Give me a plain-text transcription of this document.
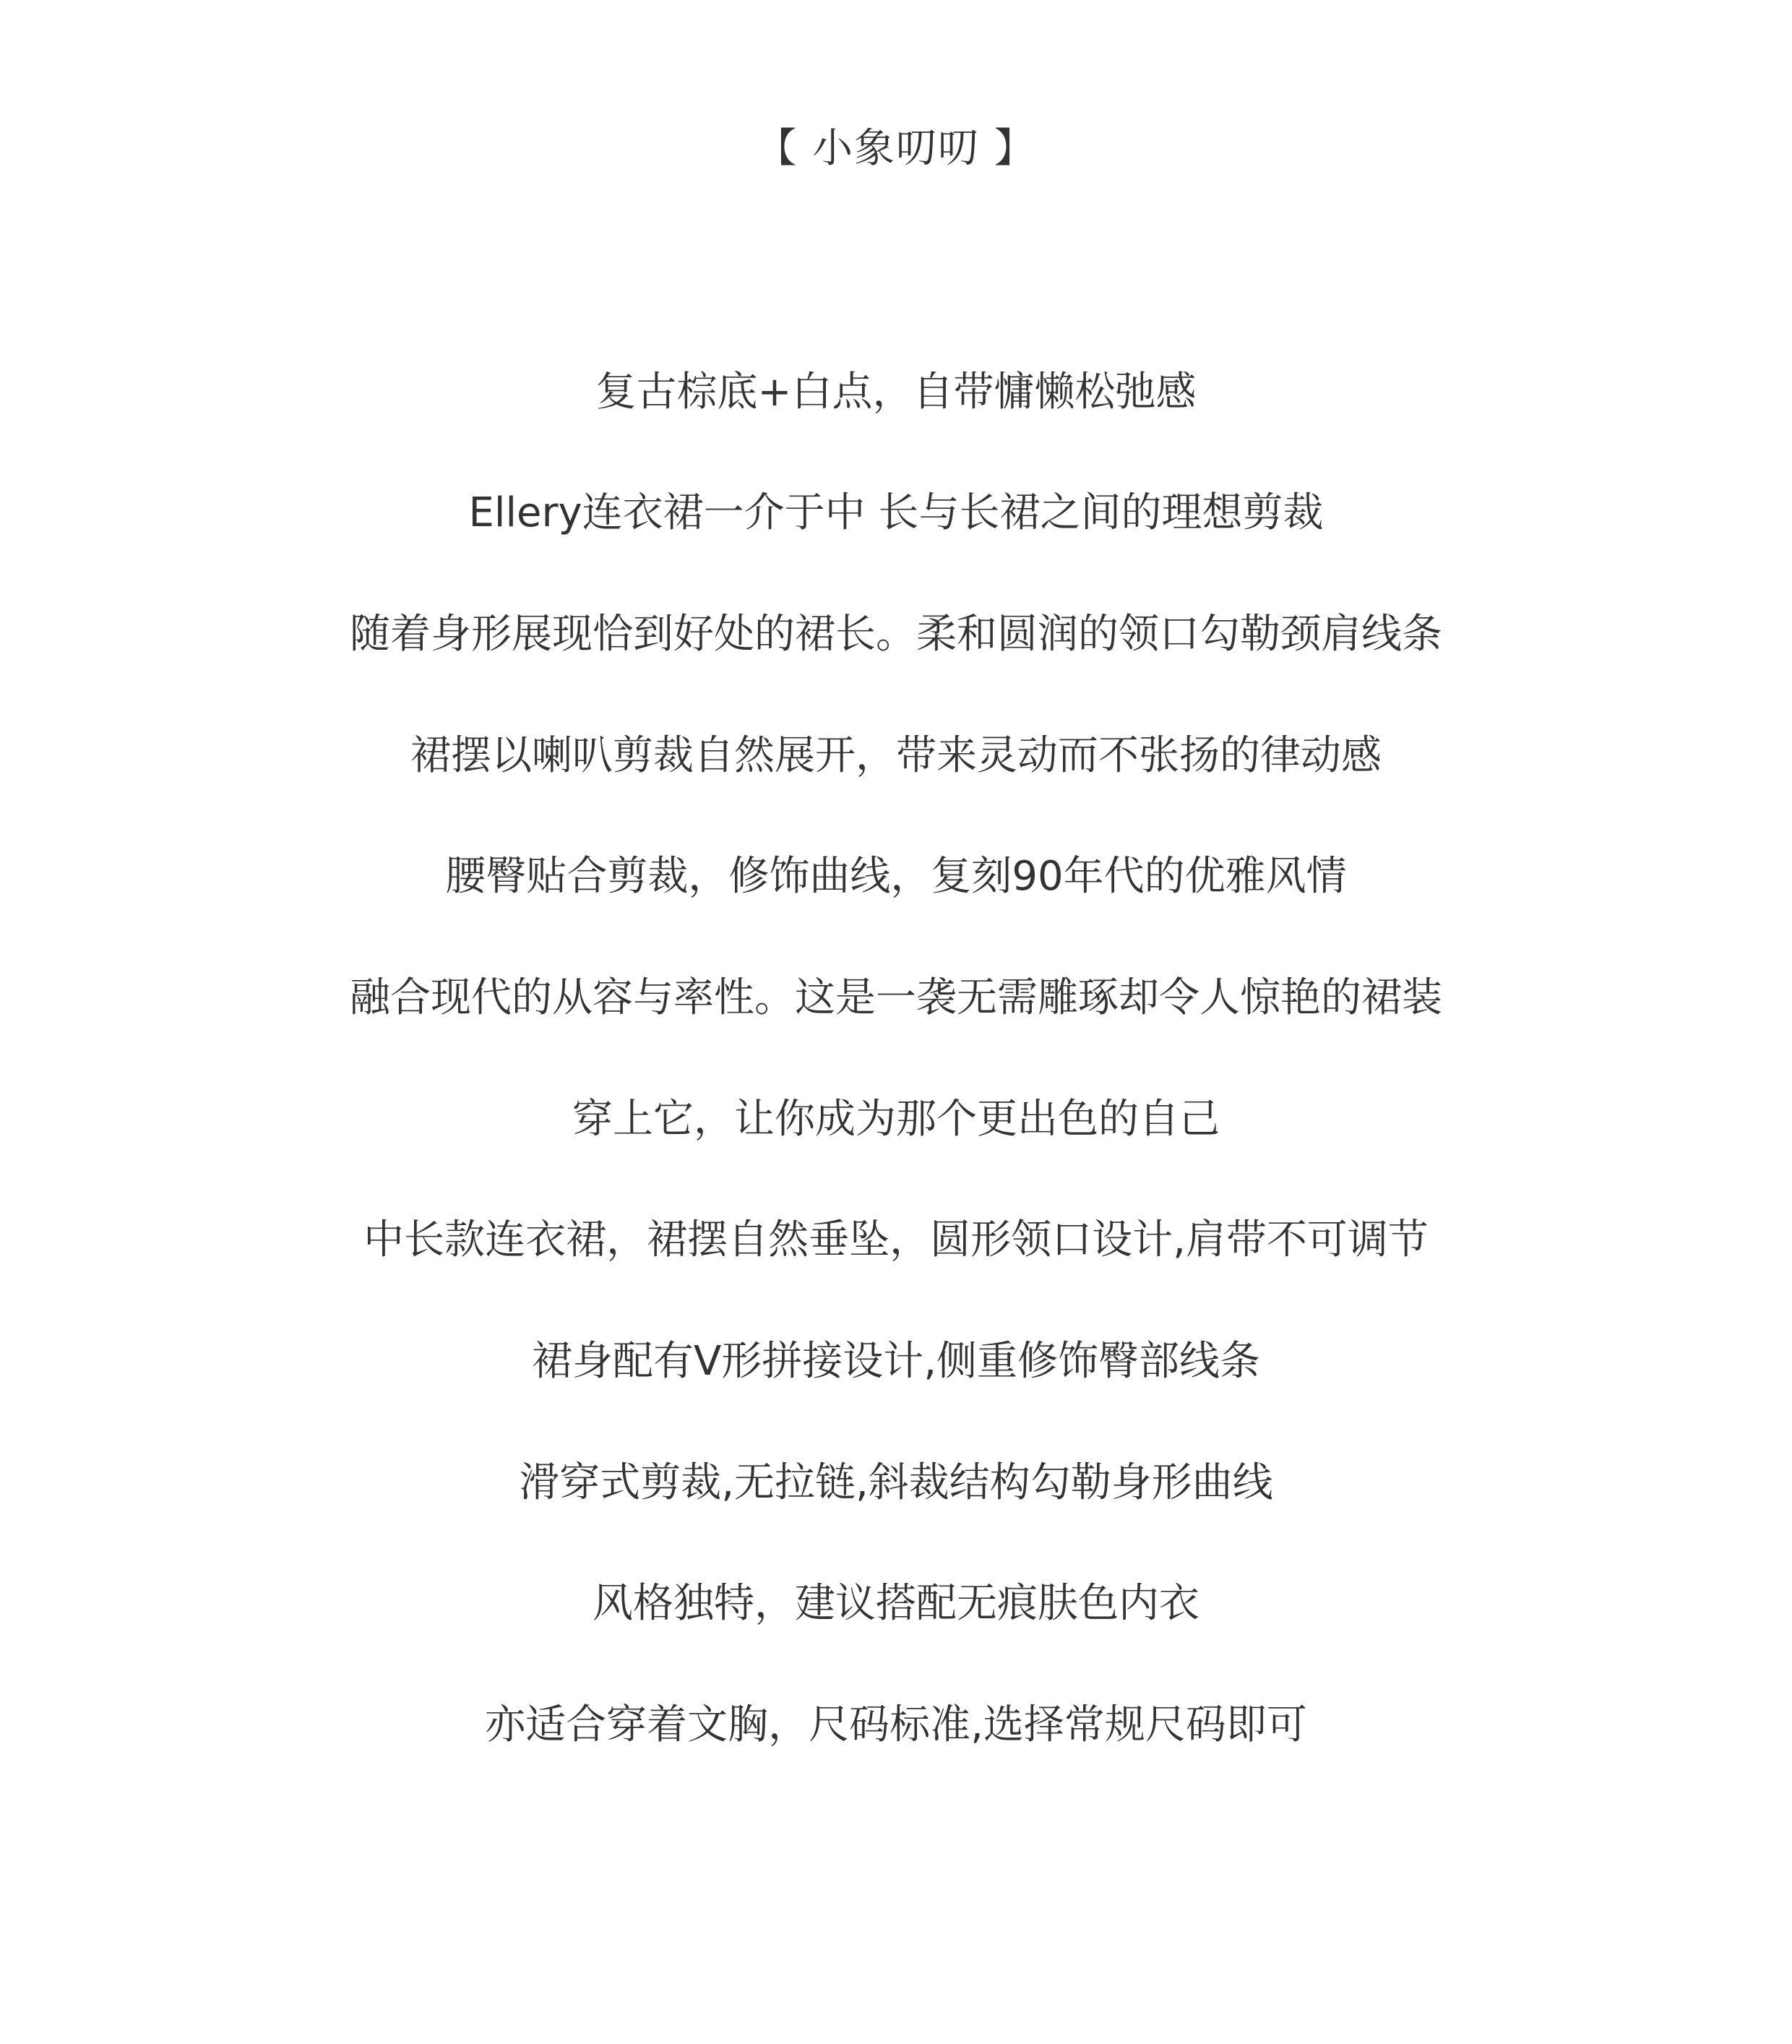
【 小象叨叨 】
复古棕底+白点，自带慵懒松弛感
Ellery连衣裙一介于中 长与长裙之间的理想剪裁
随着身形展现恰到好处的裙长。柔和圆润的领口勾勒颈肩线条
裙摆以喇叭剪裁自然展开，带来灵动而不张扬的律动感
腰臀贴合剪裁，修饰曲线，复刻90年代的优雅风情
融合现代的从容与率性。这是一袭无需雕琢却令人惊艳的裙装
穿上它，让你成为那个更出色的自己
中长款连衣裙，裙摆自然垂坠，圆形领口设计,肩带不可调节
裙身配有V形拼接设计,侧重修饰臀部线条
滑穿式剪裁,无拉链,斜裁结构勾勒身形曲线
风格独特，建议搭配无痕肤色内衣
亦适合穿着文胸，尺码标准,选择常规尺码即可
